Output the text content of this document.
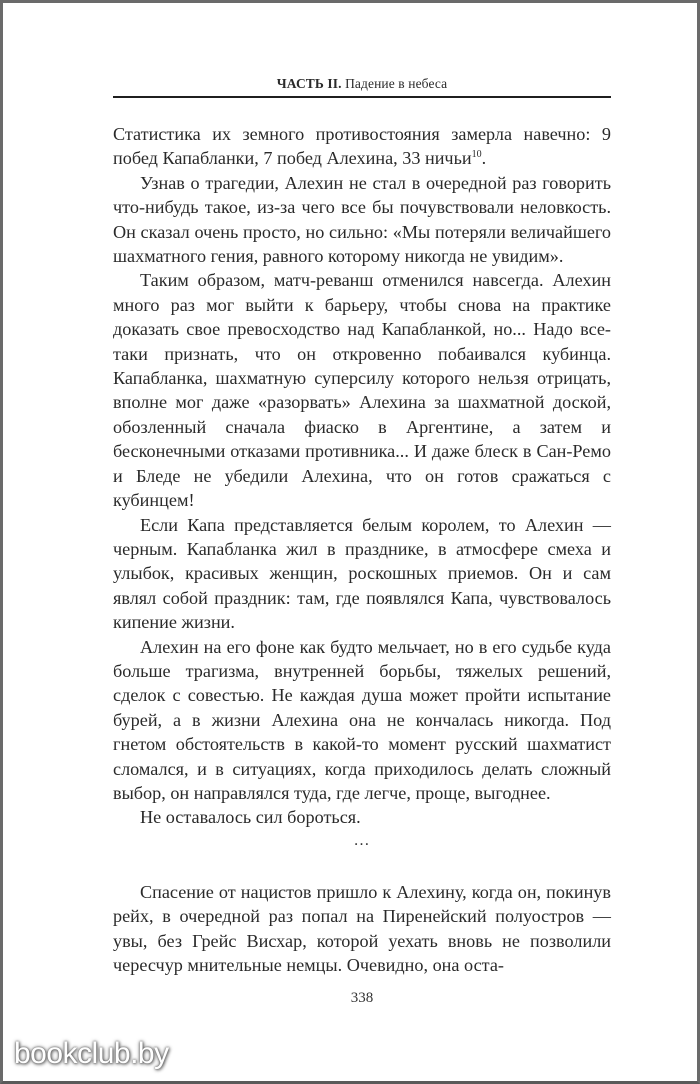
ЧАСТЬ II. Падение в небеса

Статистика их земного противостояния замерла навечно: 9 побед Капабланки, 7 побед Алехина, 33 ничьи$^{10}$.

Узнав о трагедии, Алехин не стал в очередной раз говорить что-нибудь такое, из-за чего все бы почувствовали неловкость. Он сказал очень просто, но сильно: «Мы потеряли величайшего шахматного гения, равного которому никогда не увидим».

Таким образом, матч-реванш отменился навсегда. Алехин много раз мог выйти к барьеру, чтобы снова на практике доказать свое превосходство над Капабланкой, но... Надо все-таки признать, что он откровенно побаивался кубинца. Капабланка, шахматную суперсилу которого нельзя отрицать, вполне мог даже «разорвать» Алехина за шахматной доской, обозленный сначала фиаско в Аргентине, а затем и бесконечными отказами противника... И даже блеск в Сан-Ремо и Бледе не убедили Алехина, что он готов сражаться с кубинцем!

Если Капа представляется белым королем, то Алехин — черным. Капабланка жил в празднике, в атмосфере смеха и улыбок, красивых женщин, роскошных приемов. Он и сам являл собой праздник: там, где появлялся Капа, чувствовалось кипение жизни.

Алехин на его фоне как будто мельчает, но в его судьбе куда больше трагизма, внутренней борьбы, тяжелых решений, сделок с совестью. Не каждая душа может пройти испытание бурей, а в жизни Алехина она не кончалась никогда. Под гнетом обстоятельств в какой-то момент русский шахматист сломался, и в ситуациях, когда приходилось делать сложный выбор, он направлялся туда, где легче, проще, выгоднее.

Не оставалось сил бороться.

…

Спасение от нацистов пришло к Алехину, когда он, покинув рейх, в очередной раз попал на Пиренейский полуостров — увы, без Грейс Висхар, которой уехать вновь не позволили чересчур мнительные немцы. Очевидно, она оста-

338
bookclub.by
